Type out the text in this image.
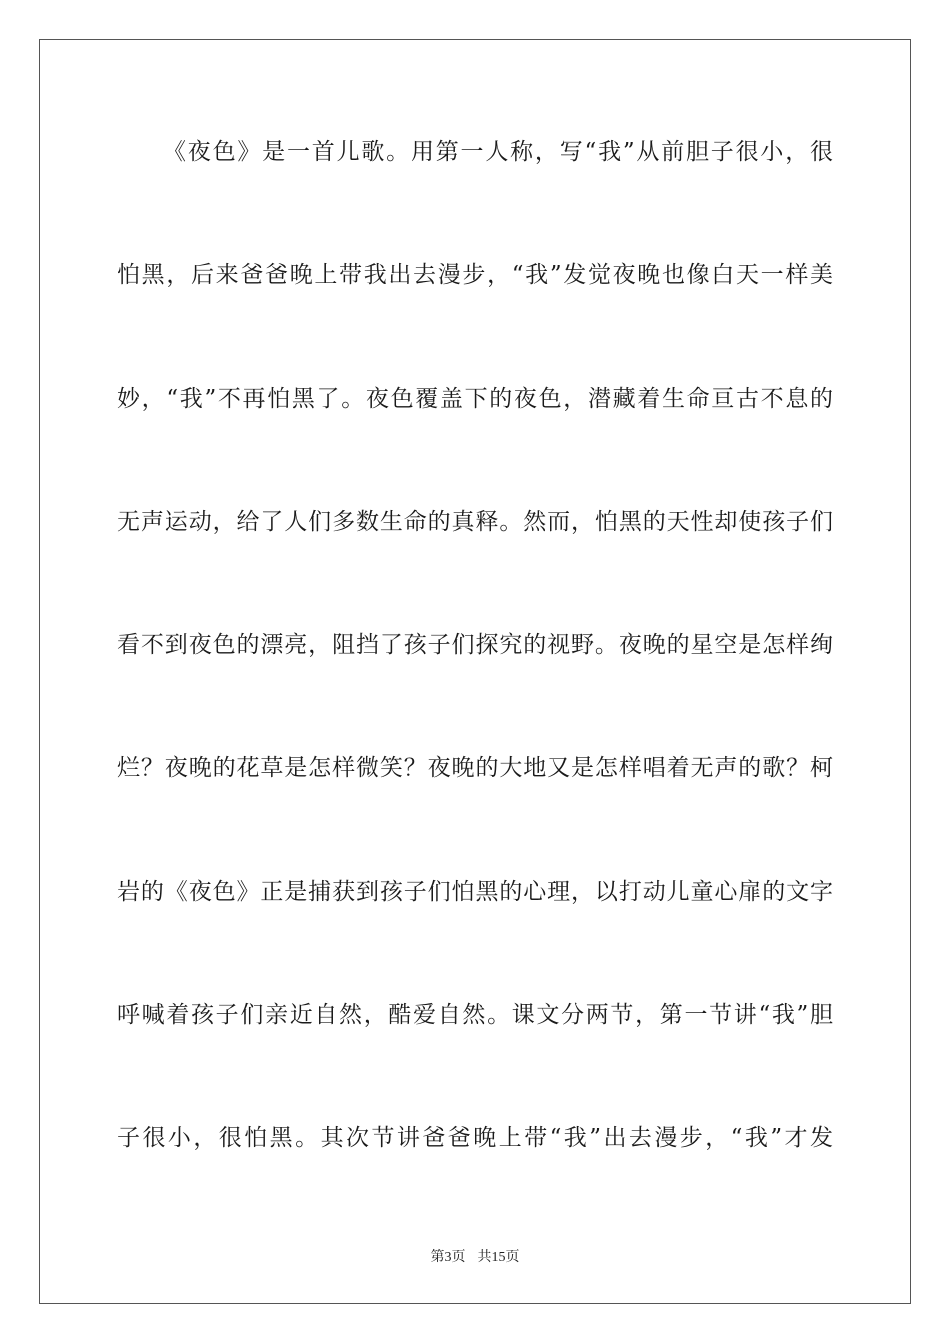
《夜色》是一首儿歌。用第一人称，写“我”从前胆子很小，很
怕黑，后来爸爸晚上带我出去漫步，“我”发觉夜晚也像白天一样美
妙，“我”不再怕黑了。夜色覆盖下的夜色，潜藏着生命亘古不息的
无声运动，给了人们多数生命的真释。然而，怕黑的天性却使孩子们
看不到夜色的漂亮，阻挡了孩子们探究的视野。夜晚的星空是怎样绚
烂？夜晚的花草是怎样微笑？夜晚的大地又是怎样唱着无声的歌？柯
岩的《夜色》正是捕获到孩子们怕黑的心理，以打动儿童心扉的文字
呼喊着孩子们亲近自然，酷爱自然。课文分两节，第一节讲“我”胆
子很小，很怕黑。其次节讲爸爸晚上带“我”出去漫步，“我”才发
第3页 共15页
